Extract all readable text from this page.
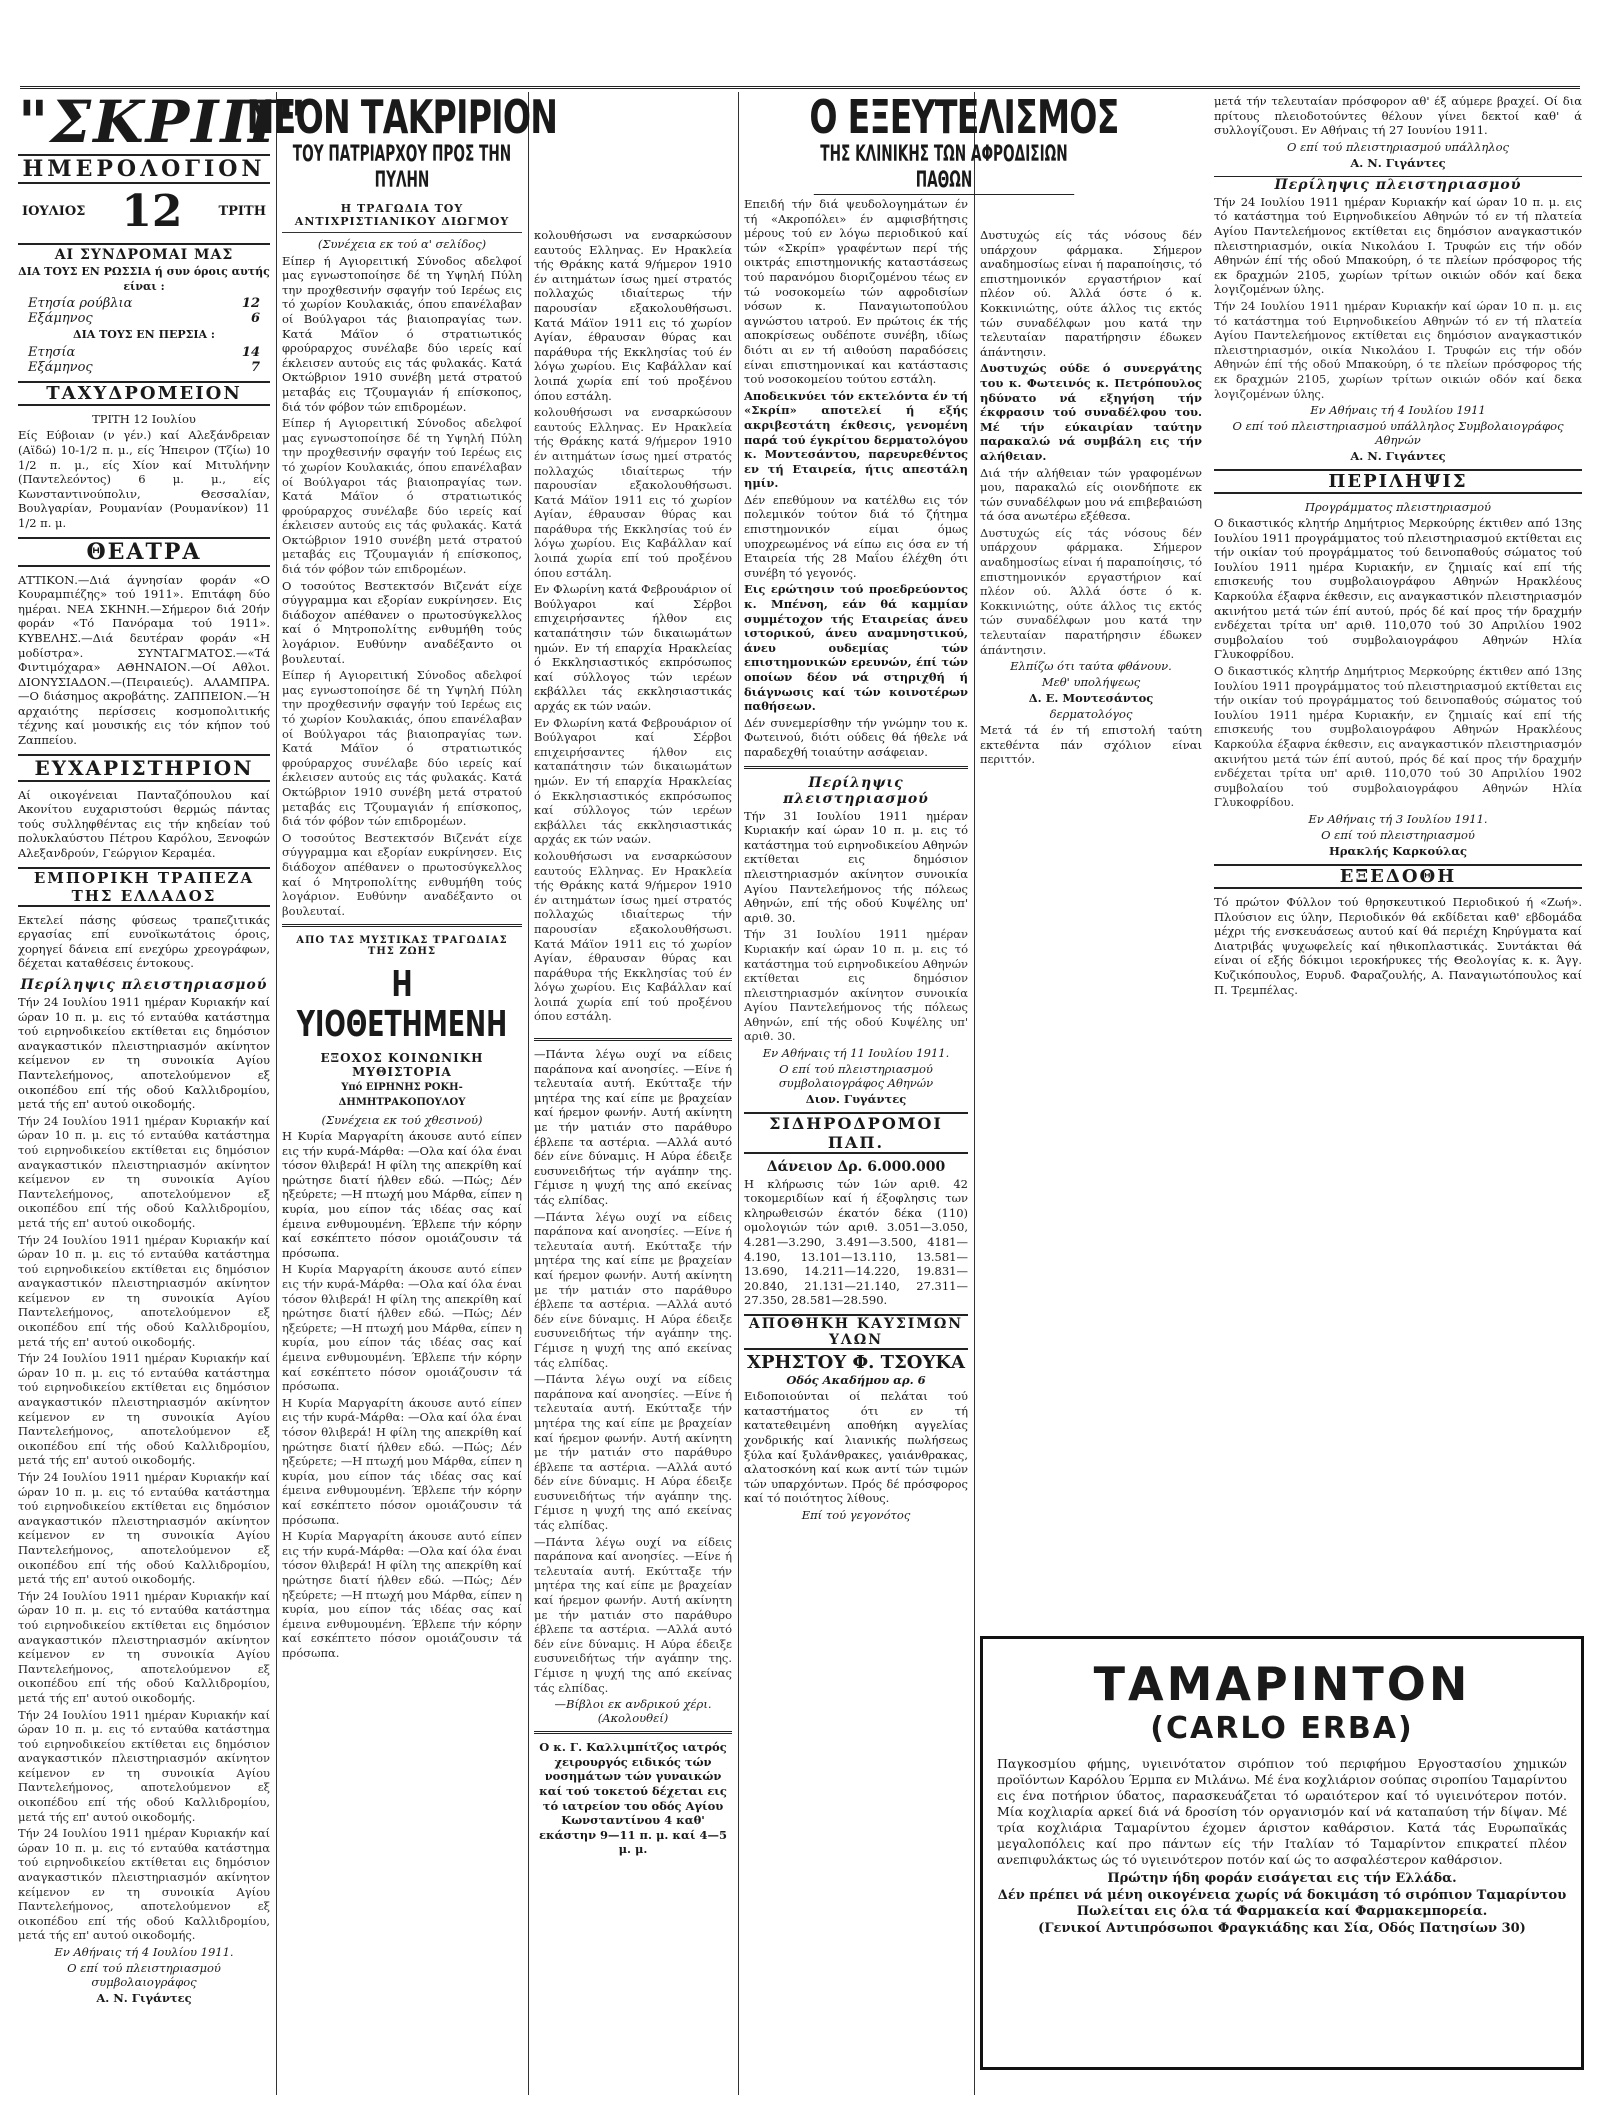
"ΣΚΡΙΠ"
ΗΜΕΡΟΛΟΓΙΟΝ
ΙΟΥΛΙΟΣ 12	ΤΡΙΤΗ
ΑΙ ΣΥΝΔΡΟΜΑΙ ΜΑΣ
ΔΙΑ ΤΟΥΣ ΕΝ ΡΩΣΣΙΑ ή συν όροις αυτής είναι :
Ετησία ρούβλια	12
Εξάμηνος	6
ΔΙΑ ΤΟΥΣ ΕΝ ΠΕΡΣΙΑ :
Ετησία	14
Εξάμηνος	7
ΤΑΧΥΔΡΟΜΕΙΟΝ
ΤΡΙΤΗ 12 Ιουλίου
Είς Εύβοιαν (ν γέν.) καί Αλεξάνδρειαν (Αϊδώ) 10-1/2 π. μ., είς Ήπειρον (Τζίω) 10 1/2 π. μ., είς Χίον καί Μιτυλήνην (Παντελεόντος) 6 μ. μ., είς Κωνσταντινούπολιν, Θεσσαλίαν, Βουλγαρίαν, Ρουμανίαν (Ρουμανίκον) 11 1/2 π. μ.
ΘΕΑΤΡΑ
ΑΤΤΙΚΟΝ.—Διά άγνησίαν φοράν «Ο Κουραμπιέζης» τού 1911». Επιτάφη δύο ημέραι. ΝΕΑ ΣΚΗΝΗ.—Σήμερον διά 20ήν φοράν «Τό Πανόραμα τού 1911». ΚΥΒΕΛΗΣ.—Διά δευτέραν φοράν «Η μοδίστρα». ΣΥΝΤΑΓΜΑΤΟΣ.—«Τά Φιντιμόχαρα» ΑΘΗΝΑΙΟΝ.—Οί Αθλοι. ΔΙΟΝΥΣΙΑΔΟΝ.—(Πειραιεύς). ΑΛΑΜΠΡΑ.—Ο διάσημος ακροβάτης. ΖΑΠΠΕΙΟΝ.—Ή αρχαιότης περίσσεις κοσμοπολιτικής τέχνης καί μουσικής εις τόν κήπον τού Ζαππείου.
ΕΥΧΑΡΙΣΤΗΡΙΟΝ
Αί οικογένειαι Πανταζόπουλου καί Ακονίτου ευχαριστούσι θερμώς πάντας τούς συλληφθέντας εις τήν κηδείαν τού πολυκλαύστου Πέτρου Καρόλου, Ξενοφών Αλεξανδρούν, Γεώργιον Κεραμέα.
ΕΜΠΟΡΙΚΗ ΤΡΑΠΕΖΑ ΤΗΣ ΕΛΛΑΔΟΣ
Εκτελεί πάσης φύσεως τραπεζιτικάς εργασίας επί ευνοϊκωτάτοις όροις, χορηγεί δάνεια επί ενεχύρω χρεογράφων, δέχεται καταθέσεις έντοκους.
Περίληψις πλειστηριασμού
Τήν 24 Ιουλίου 1911 ημέραν Κυριακήν καί ώραν 10 π. μ. εις τό ενταύθα κατάστημα τού ειρηνοδικείου εκτίθεται εις δημόσιον αναγκαστικόν πλειστηριασμόν ακίνητον κείμενον εν τη συνοικία Αγίου Παντελεήμονος, αποτελούμενον εξ οικοπέδου επί τής οδού Καλλιδρομίου, μετά τής επ' αυτού οικοδομής.
Τήν 24 Ιουλίου 1911 ημέραν Κυριακήν καί ώραν 10 π. μ. εις τό ενταύθα κατάστημα τού ειρηνοδικείου εκτίθεται εις δημόσιον αναγκαστικόν πλειστηριασμόν ακίνητον κείμενον εν τη συνοικία Αγίου Παντελεήμονος, αποτελούμενον εξ οικοπέδου επί τής οδού Καλλιδρομίου, μετά τής επ' αυτού οικοδομής.
Τήν 24 Ιουλίου 1911 ημέραν Κυριακήν καί ώραν 10 π. μ. εις τό ενταύθα κατάστημα τού ειρηνοδικείου εκτίθεται εις δημόσιον αναγκαστικόν πλειστηριασμόν ακίνητον κείμενον εν τη συνοικία Αγίου Παντελεήμονος, αποτελούμενον εξ οικοπέδου επί τής οδού Καλλιδρομίου, μετά τής επ' αυτού οικοδομής.
Τήν 24 Ιουλίου 1911 ημέραν Κυριακήν καί ώραν 10 π. μ. εις τό ενταύθα κατάστημα τού ειρηνοδικείου εκτίθεται εις δημόσιον αναγκαστικόν πλειστηριασμόν ακίνητον κείμενον εν τη συνοικία Αγίου Παντελεήμονος, αποτελούμενον εξ οικοπέδου επί τής οδού Καλλιδρομίου, μετά τής επ' αυτού οικοδομής.
Τήν 24 Ιουλίου 1911 ημέραν Κυριακήν καί ώραν 10 π. μ. εις τό ενταύθα κατάστημα τού ειρηνοδικείου εκτίθεται εις δημόσιον αναγκαστικόν πλειστηριασμόν ακίνητον κείμενον εν τη συνοικία Αγίου Παντελεήμονος, αποτελούμενον εξ οικοπέδου επί τής οδού Καλλιδρομίου, μετά τής επ' αυτού οικοδομής.
Τήν 24 Ιουλίου 1911 ημέραν Κυριακήν καί ώραν 10 π. μ. εις τό ενταύθα κατάστημα τού ειρηνοδικείου εκτίθεται εις δημόσιον αναγκαστικόν πλειστηριασμόν ακίνητον κείμενον εν τη συνοικία Αγίου Παντελεήμονος, αποτελούμενον εξ οικοπέδου επί τής οδού Καλλιδρομίου, μετά τής επ' αυτού οικοδομής.
Τήν 24 Ιουλίου 1911 ημέραν Κυριακήν καί ώραν 10 π. μ. εις τό ενταύθα κατάστημα τού ειρηνοδικείου εκτίθεται εις δημόσιον αναγκαστικόν πλειστηριασμόν ακίνητον κείμενον εν τη συνοικία Αγίου Παντελεήμονος, αποτελούμενον εξ οικοπέδου επί τής οδού Καλλιδρομίου, μετά τής επ' αυτού οικοδομής.
Τήν 24 Ιουλίου 1911 ημέραν Κυριακήν καί ώραν 10 π. μ. εις τό ενταύθα κατάστημα τού ειρηνοδικείου εκτίθεται εις δημόσιον αναγκαστικόν πλειστηριασμόν ακίνητον κείμενον εν τη συνοικία Αγίου Παντελεήμονος, αποτελούμενον εξ οικοπέδου επί τής οδού Καλλιδρομίου, μετά τής επ' αυτού οικοδομής.
Εν Αθήναις τή 4 Ιουλίου 1911.
Ο επί τού πλειστηριασμού συμβολαιογράφος
Α. Ν. Γιγάντες
ΝΕΟΝ ΤΑΚΡΙΡΙΟΝ
ΤΟΥ ΠΑΤΡΙΑΡΧΟΥ ΠΡΟΣ ΤΗΝ ΠΥΛΗΝ
Η ΤΡΑΓΩΔΙΑ ΤΟΥ ΑΝΤΙΧΡΙΣΤΙΑΝΙΚΟΥ ΔΙΩΓΜΟΥ
(Συνέχεια εκ τού α' σελίδος)
Είπερ ή Αγιορειτική Σύνοδος αδελφοί μας εγνωστοποίησε δέ τη Υψηλή Πύλη την προχθεσινήν σφαγήν τού Ιερέως εις τό χωρίον Κουλακιάς, όπου επανέλαβαν οί Βούλγαροι τάς βιαιοπραγίας των. Κατά Μάϊον ό στρατιωτικός φρούραρχος συνέλαβε δύο ιερείς καί έκλεισεν αυτούς εις τάς φυλακάς. Κατά Οκτώβριον 1910 συνέβη μετά στρατού μεταβάς εις Τζουμαγιάν ή επίσκοπος, διά τόν φόβον τών επιδρομέων.
Είπερ ή Αγιορειτική Σύνοδος αδελφοί μας εγνωστοποίησε δέ τη Υψηλή Πύλη την προχθεσινήν σφαγήν τού Ιερέως εις τό χωρίον Κουλακιάς, όπου επανέλαβαν οί Βούλγαροι τάς βιαιοπραγίας των. Κατά Μάϊον ό στρατιωτικός φρούραρχος συνέλαβε δύο ιερείς καί έκλεισεν αυτούς εις τάς φυλακάς. Κατά Οκτώβριον 1910 συνέβη μετά στρατού μεταβάς εις Τζουμαγιάν ή επίσκοπος, διά τόν φόβον τών επιδρομέων.
Ο τοσούτος Βεστεκτσόν Βιζενάτ είχε σύγγραμμα και εξορίαν ευκρίνησεν. Εις διάδοχον απέθανεν ο πρωτοσύγκελλος καί ό Μητροπολίτης ενθυμήθη τούς λογάριον. Ευθύνην αναδέξαντο οι βουλευταί.
Είπερ ή Αγιορειτική Σύνοδος αδελφοί μας εγνωστοποίησε δέ τη Υψηλή Πύλη την προχθεσινήν σφαγήν τού Ιερέως εις τό χωρίον Κουλακιάς, όπου επανέλαβαν οί Βούλγαροι τάς βιαιοπραγίας των. Κατά Μάϊον ό στρατιωτικός φρούραρχος συνέλαβε δύο ιερείς καί έκλεισεν αυτούς εις τάς φυλακάς. Κατά Οκτώβριον 1910 συνέβη μετά στρατού μεταβάς εις Τζουμαγιάν ή επίσκοπος, διά τόν φόβον τών επιδρομέων.
Ο τοσούτος Βεστεκτσόν Βιζενάτ είχε σύγγραμμα και εξορίαν ευκρίνησεν. Εις διάδοχον απέθανεν ο πρωτοσύγκελλος καί ό Μητροπολίτης ενθυμήθη τούς λογάριον. Ευθύνην αναδέξαντο οι βουλευταί.
ΑΠΟ ΤΑΣ ΜΥΣΤΙΚΑΣ ΤΡΑΓΩΔΙΑΣ ΤΗΣ ΖΩΗΣ
Η ΥΙΟΘΕΤΗΜΕΝΗ
ΕΞΟΧΟΣ ΚΟΙΝΩΝΙΚΗ ΜΥΘΙΣΤΟΡΙΑ
Υπό ΕΙΡΗΝΗΣ ΡΟΚΗ-ΔΗΜΗΤΡΑΚΟΠΟΥΛΟΥ
(Συνέχεια εκ τού χθεσινού)
Η Κυρία Μαργαρίτη άκουσε αυτό είπεν εις τήν κυρά-Μάρθα: —Ολα καί όλα έναι τόσον θλιβερά! Η φίλη της απεκρίθη καί ηρώτησε διατί ήλθεν εδώ. —Πώς; Δέν ηξεύρετε; —Η πτωχή μου Μάρθα, είπεν η κυρία, μου είπον τάς ιδέας σας καί έμεινα ενθυμουμένη. Έβλεπε τήν κόρην καί εσκέπτετο πόσον ομοιάζουσιν τά πρόσωπα.
Η Κυρία Μαργαρίτη άκουσε αυτό είπεν εις τήν κυρά-Μάρθα: —Ολα καί όλα έναι τόσον θλιβερά! Η φίλη της απεκρίθη καί ηρώτησε διατί ήλθεν εδώ. —Πώς; Δέν ηξεύρετε; —Η πτωχή μου Μάρθα, είπεν η κυρία, μου είπον τάς ιδέας σας καί έμεινα ενθυμουμένη. Έβλεπε τήν κόρην καί εσκέπτετο πόσον ομοιάζουσιν τά πρόσωπα.
Η Κυρία Μαργαρίτη άκουσε αυτό είπεν εις τήν κυρά-Μάρθα: —Ολα καί όλα έναι τόσον θλιβερά! Η φίλη της απεκρίθη καί ηρώτησε διατί ήλθεν εδώ. —Πώς; Δέν ηξεύρετε; —Η πτωχή μου Μάρθα, είπεν η κυρία, μου είπον τάς ιδέας σας καί έμεινα ενθυμουμένη. Έβλεπε τήν κόρην καί εσκέπτετο πόσον ομοιάζουσιν τά πρόσωπα.
Η Κυρία Μαργαρίτη άκουσε αυτό είπεν εις τήν κυρά-Μάρθα: —Ολα καί όλα έναι τόσον θλιβερά! Η φίλη της απεκρίθη καί ηρώτησε διατί ήλθεν εδώ. —Πώς; Δέν ηξεύρετε; —Η πτωχή μου Μάρθα, είπεν η κυρία, μου είπον τάς ιδέας σας καί έμεινα ενθυμουμένη. Έβλεπε τήν κόρην καί εσκέπτετο πόσον ομοιάζουσιν τά πρόσωπα.
κολουθήσωσι να ενσαρκώσουν εαυτούς Ελληνας. Εν Ηρακλεία τής Θράκης κατά 9/ήμερον 1910 έν αιτημάτων ίσως ημεί στρατός πολλαχώς ιδιαίτερως τήν παρουσίαν εξακολουθήσωσι. Κατά Μάϊον 1911 εις τό χωρίον Αγίαν, έθραυσαν θύρας και παράθυρα τής Εκκλησίας τού έν λόγω χωρίου. Εις Καβάλλαν καί λοιπά χωρία επί τού προξένου όπου εστάλη.
κολουθήσωσι να ενσαρκώσουν εαυτούς Ελληνας. Εν Ηρακλεία τής Θράκης κατά 9/ήμερον 1910 έν αιτημάτων ίσως ημεί στρατός πολλαχώς ιδιαίτερως τήν παρουσίαν εξακολουθήσωσι. Κατά Μάϊον 1911 εις τό χωρίον Αγίαν, έθραυσαν θύρας και παράθυρα τής Εκκλησίας τού έν λόγω χωρίου. Εις Καβάλλαν καί λοιπά χωρία επί τού προξένου όπου εστάλη.
Εν Φλωρίνη κατά Φεβρουάριον οί Βούλγαροι καί Σέρβοι επιχειρήσαντες ήλθον εις καταπάτησιν τών δικαιωμάτων ημών. Εν τή επαρχία Ηρακλείας ό Εκκλησιαστικός εκπρόσωπος καί σύλλογος τών ιερέων εκβάλλει τάς εκκλησιαστικάς αρχάς εκ τών ναών.
Εν Φλωρίνη κατά Φεβρουάριον οί Βούλγαροι καί Σέρβοι επιχειρήσαντες ήλθον εις καταπάτησιν τών δικαιωμάτων ημών. Εν τή επαρχία Ηρακλείας ό Εκκλησιαστικός εκπρόσωπος καί σύλλογος τών ιερέων εκβάλλει τάς εκκλησιαστικάς αρχάς εκ τών ναών.
κολουθήσωσι να ενσαρκώσουν εαυτούς Ελληνας. Εν Ηρακλεία τής Θράκης κατά 9/ήμερον 1910 έν αιτημάτων ίσως ημεί στρατός πολλαχώς ιδιαίτερως τήν παρουσίαν εξακολουθήσωσι. Κατά Μάϊον 1911 εις τό χωρίον Αγίαν, έθραυσαν θύρας και παράθυρα τής Εκκλησίας τού έν λόγω χωρίου. Εις Καβάλλαν καί λοιπά χωρία επί τού προξένου όπου εστάλη.
—Πάντα λέγω ουχί να είδεις παράπονα καί ανοησίες. —Είνε ή τελευταία αυτή. Εκύτταξε τήν μητέρα της καί είπε με βραχείαν καί ήρεμον φωνήν. Αυτή ακίνητη με τήν ματιάν στο παράθυρο έβλεπε τα αστέρια. —Αλλά αυτό δέν είνε δύναμις. Η Αύρα έδειξε ευσυνειδήτως τήν αγάπην της. Γέμισε η ψυχή της από εκείνας τάς ελπίδας.
—Πάντα λέγω ουχί να είδεις παράπονα καί ανοησίες. —Είνε ή τελευταία αυτή. Εκύτταξε τήν μητέρα της καί είπε με βραχείαν καί ήρεμον φωνήν. Αυτή ακίνητη με τήν ματιάν στο παράθυρο έβλεπε τα αστέρια. —Αλλά αυτό δέν είνε δύναμις. Η Αύρα έδειξε ευσυνειδήτως τήν αγάπην της. Γέμισε η ψυχή της από εκείνας τάς ελπίδας.
—Πάντα λέγω ουχί να είδεις παράπονα καί ανοησίες. —Είνε ή τελευταία αυτή. Εκύτταξε τήν μητέρα της καί είπε με βραχείαν καί ήρεμον φωνήν. Αυτή ακίνητη με τήν ματιάν στο παράθυρο έβλεπε τα αστέρια. —Αλλά αυτό δέν είνε δύναμις. Η Αύρα έδειξε ευσυνειδήτως τήν αγάπην της. Γέμισε η ψυχή της από εκείνας τάς ελπίδας.
—Πάντα λέγω ουχί να είδεις παράπονα καί ανοησίες. —Είνε ή τελευταία αυτή. Εκύτταξε τήν μητέρα της καί είπε με βραχείαν καί ήρεμον φωνήν. Αυτή ακίνητη με τήν ματιάν στο παράθυρο έβλεπε τα αστέρια. —Αλλά αυτό δέν είνε δύναμις. Η Αύρα έδειξε ευσυνειδήτως τήν αγάπην της. Γέμισε η ψυχή της από εκείνας τάς ελπίδας.
—Βίβλοι εκ ανδρικού χέρι. (Ακολουθεί)
Ο κ. Γ. Καλλιμπίτζος ιατρός χειρουργός ειδικός τών νοσημάτων τών γυναικών καί τού τοκετού δέχεται εις τό ιατρείον του οδός Αγίου Κωνσταντίνου 4 καθ' εκάστην 9—11 π. μ. καί 4—5 μ. μ.
Ο ΕΞΕΥΤΕΛΙΣΜΟΣ
ΤΗΣ ΚΛΙΝΙΚΗΣ ΤΩΝ ΑΦΡΟΔΙΣΙΩΝ ΠΑΘΩΝ
Επειδή τήν διά ψευδολογημάτων έν τή «Ακροπόλει» έν αμφισβήτησις μέρους τού εν λόγω περιοδικού καί τών «Σκρίπ» γραφέντων περί τής οικτράς επιστημονικής καταστάσεως τού παρανόμου διοριζομένου τέως εν τώ νοσοκομείω τών αφροδισίων νόσων κ. Παναγιωτοπούλου αγνώστου ιατρού. Εν πρώτοις έκ τής αποκρίσεως ουδέποτε συνέβη, ιδίως διότι αι εν τή αιθούση παραδόσεις είναι επιστημονικαί και κατάστασις τού νοσοκομείου τούτου εστάλη.
Αποδεικνύει τόν εκτελόντα έν τή «Σκρίπ» αποτελεί ή εξής ακριβεστάτη έκθεσις, γενομένη παρά τού έγκρίτου δερματολόγου κ. Μοντεσάντου, παρευρεθέντος εν τή Εταιρεία, ήτις απεστάλη ημίν.
Δέν επεθύμουν να κατέλθω εις τόν πολεμικόν τούτον διά τό ζήτημα επιστημονικόν είμαι όμως υποχρεωμένος νά είπω εις όσα εν τή Εταιρεία τής 28 Μαΐου έλέχθη ότι συνέβη τό γεγονός.
Εις ερώτησιν τού προεδρεύοντος κ. Μπένση, εάν θά καμμίαν συμμέτοχον τής Εταιρείας άνευ ιστορικού, άνευ αναμνηστικού, άνευ ουδεμίας τών επιστημονικών ερευνών, έπί τών οποίων δέον νά στηριχθή ή διάγνωσις καί τών κοινοτέρων παθήσεων.
Δέν συνεμερίσθην τήν γνώμην του κ. Φωτεινού, διότι ούδεις θά ήθελε νά παραδεχθή τοιαύτην ασάφειαν.
Περίληψις πλειστηριασμού
Τήν 31 Ιουλίου 1911 ημέραν Κυριακήν καί ώραν 10 π. μ. εις τό κατάστημα τού ειρηνοδικείου Αθηνών εκτίθεται εις δημόσιον πλειστηριασμόν ακίνητον συνοικία Αγίου Παντελεήμονος τής πόλεως Αθηνών, επί τής οδού Κυψέλης υπ' αριθ. 30.
Τήν 31 Ιουλίου 1911 ημέραν Κυριακήν καί ώραν 10 π. μ. εις τό κατάστημα τού ειρηνοδικείου Αθηνών εκτίθεται εις δημόσιον πλειστηριασμόν ακίνητον συνοικία Αγίου Παντελεήμονος τής πόλεως Αθηνών, επί τής οδού Κυψέλης υπ' αριθ. 30.
Εν Αθήναις τή 11 Ιουλίου 1911.
Ο επί τού πλειστηριασμού συμβολαιογράφος Αθηνών
Διον. Γυγάντες
ΣΙΔΗΡΟΔΡΟΜΟΙ ΠΑΠ.
Δάνειον Δρ. 6.000.000
Η κλήρωσις τών 1ών αριθ. 42 τοκομεριδίων καί ή έξοφλησις των κληρωθεισών έκατόν δέκα (110) ομολογιών τών αριθ. 3.051—3.050, 4.281—3.290, 3.491—3.500, 4181—4.190, 13.101—13.110, 13.581—13.690, 14.211—14.220, 19.831—20.840, 21.131—21.140, 27.311—27.350, 28.581—28.590.
ΑΠΟΘΗΚΗ ΚΑΥΣΙΜΩΝ ΥΛΩΝ
ΧΡΗΣΤΟΥ Φ. ΤΣΟΥΚΑ
Οδός Ακαδήμου αρ. 6
Ειδοποιούνται οί πελάται τού καταστήματος ότι εν τή κατατεθειμένη αποθήκη αγγελίας χονδρικής καί λιανικής πωλήσεως ξύλα καί ξυλάνθρακες, γαιάνθρακας, αλατοσκόνη καί κωκ αντί τών τιμών τών υπαρχόντων. Πρός δέ πρόσφορος καί τό ποιότητος λίθους.
Επί τού γεγονότος
Δυστυχώς είς τάς νόσους δέν υπάρχουν φάρμακα. Σήμερον αναδημοσίως είναι ή παραποίησις, τό επιστημονικόν εργαστήριον καί πλέον ού. Άλλά όστε ό κ. Κοκκινιώτης, ούτε άλλος τις εκτός τών συναδέλφων μου κατά την τελευταίαν παρατήρησιν έδωκεν άπάντησιν.
Δυστυχώς ούδε ό συνεργάτης του κ. Φωτεινός κ. Πετρόπουλος ηδύνατο νά εξηγήση τήν έκφρασιν τού συναδέλφου του. Μέ τήν εύκαιρίαν ταύτην παρακαλώ νά συμβάλη εις τήν αλήθειαν.
Διά τήν αλήθειαν τών γραφομένων μου, παρακαλώ είς οιονδήποτε εκ τών συναδέλφων μου νά επιβεβαιώση τά όσα ανωτέρω εξέθεσα.
Δυστυχώς είς τάς νόσους δέν υπάρχουν φάρμακα. Σήμερον αναδημοσίως είναι ή παραποίησις, τό επιστημονικόν εργαστήριον καί πλέον ού. Άλλά όστε ό κ. Κοκκινιώτης, ούτε άλλος τις εκτός τών συναδέλφων μου κατά την τελευταίαν παρατήρησιν έδωκεν άπάντησιν.
Ελπίζω ότι ταύτα φθάνουν.
Μεθ' υπολήψεως
Δ. Ε. Μοντεσάντος
δερματολόγος
Μετά τά έν τή επιστολή ταύτη εκτεθέντα πάν σχόλιον είναι περιττόν.
μετά τήν τελευταίαν πρόσφορον αθ' έξ αύμερε βραχεί. Οί δια πρίτους πλειοδοτούντες θέλουν γίνει δεκτοί καθ' ά συλλογίζουσι. Εν Αθήναις τή 27 Ιουνίου 1911.
Ο επί τού πλειστηριασμού υπάλληλος
Α. Ν. Γιγάντες
Περίληψις πλειστηριασμού
Τήν 24 Ιουλίου 1911 ημέραν Κυριακήν καί ώραν 10 π. μ. εις τό κατάστημα τού Ειρηνοδικείου Αθηνών τό εν τή πλατεία Αγίου Παντελεήμονος εκτίθεται εις δημόσιον αναγκαστικόν πλειστηριασμόν, οικία Νικολάου Ι. Τρυφών εις τήν οδόν Αθηνών έπί τής οδού Μπακούρη, ό τε πλείων πρόσφορος τής εκ δραχμών 2105, χωρίων τρίτων οικιών οδόν καί δεκα λογιζομένων ύλης.
Τήν 24 Ιουλίου 1911 ημέραν Κυριακήν καί ώραν 10 π. μ. εις τό κατάστημα τού Ειρηνοδικείου Αθηνών τό εν τή πλατεία Αγίου Παντελεήμονος εκτίθεται εις δημόσιον αναγκαστικόν πλειστηριασμόν, οικία Νικολάου Ι. Τρυφών εις τήν οδόν Αθηνών έπί τής οδού Μπακούρη, ό τε πλείων πρόσφορος τής εκ δραχμών 2105, χωρίων τρίτων οικιών οδόν καί δεκα λογιζομένων ύλης.
Εν Αθήναις τή 4 Ιουλίου 1911
Ο επί τού πλειστηριασμού υπάλληλος Συμβολαιογράφος Αθηνών
Α. Ν. Γιγάντες
ΠΕΡΙΛΗΨΙΣ
Προγράμματος πλειστηριασμού
Ο δικαστικός κλητήρ Δημήτριος Μερκούρης έκτιθεν από 13ης Ιουλίου 1911 προγράμματος τού πλειστηριασμού εκτίθεται εις τήν οικίαν τού προγράμματος τού δεινοπαθούς σώματος τού Ιουλίου 1911 ημέρα Κυριακήν, εν ζημιαίς καί επί τής επισκευής του συμβολαιογράφου Αθηνών Ηρακλέους Καρκούλα έξαφνα έκθεσιν, εις αναγκαστικόν πλειστηριασμόν ακινήτου μετά τών έπί αυτού, πρός δέ καί προς τήν δραχμήν ενδέχεται τρίτα υπ' αριθ. 110,070 τού 30 Απριλίου 1902 συμβολαίου τού συμβολαιογράφου Αθηνών Ηλία Γλυκοφρίδου.
Ο δικαστικός κλητήρ Δημήτριος Μερκούρης έκτιθεν από 13ης Ιουλίου 1911 προγράμματος τού πλειστηριασμού εκτίθεται εις τήν οικίαν τού προγράμματος τού δεινοπαθούς σώματος τού Ιουλίου 1911 ημέρα Κυριακήν, εν ζημιαίς καί επί τής επισκευής του συμβολαιογράφου Αθηνών Ηρακλέους Καρκούλα έξαφνα έκθεσιν, εις αναγκαστικόν πλειστηριασμόν ακινήτου μετά τών έπί αυτού, πρός δέ καί προς τήν δραχμήν ενδέχεται τρίτα υπ' αριθ. 110,070 τού 30 Απριλίου 1902 συμβολαίου τού συμβολαιογράφου Αθηνών Ηλία Γλυκοφρίδου.
Εν Αθήναις τή 3 Ιουλίου 1911.
Ο επί τού πλειστηριασμού
Ηρακλής Καρκούλας
ΕΞΕΔΟΘΗ
Τό πρώτον Φύλλον τού θρησκευτικού Περιοδικού ή «Ζωή». Πλούσιον εις ύλην, Περιοδικόν θά εκδίδεται καθ' εβδομάδα μέχρι τής ενσκευάσεως αυτού καί θά περιέχη Κηρύγματα καί Διατριβάς ψυχωφελείς καί ηθικοπλαστικάς. Συντάκται θά είναι οί εξής δόκιμοι ιεροκήρυκες τής Θεολογίας κ. κ. Άγγ. Κυζικόπουλος, Ευρυδ. Φαραζουλής, Α. Παναγιωτόπουλος καί Π. Τρεμπέλας.
ΤΑΜΑΡΙΝΤΟΝ
(CARLO ERBA)
Παγκοσμίου φήμης, υγιεινότατον σιρόπιον τού περιφήμου Εργοστασίου χημικών προϊόντων Καρόλου Έρμπα εν Μιλάνω. Μέ ένα κοχλιάριον σούπας σιροπίου Ταμαρίντου εις ένα ποτήριον ύδατος, παρασκευάζεται τό ωραιότερον καί τό υγιεινότερον ποτόν. Μία κοχλιαρία αρκεί διά νά δροσίση τόν οργανισμόν καί νά καταπαύση τήν δίψαν. Μέ τρία κοχλιάρια Ταμαρίντου έχομεν άριστον καθάρσιον. Κατά τάς Ευρωπαϊκάς μεγαλοπόλεις καί προ πάντων είς τήν Ιταλίαν τό Ταμαρίντον επικρατεί πλέον ανεπιφυλάκτως ώς τό υγιεινότερον ποτόν καί ώς το ασφαλέστερον καθάρσιον.
Πρώτην ήδη φοράν εισάγεται εις τήν Ελλάδα.
Δέν πρέπει νά μένη οικογένεια χωρίς νά δοκιμάση τό σιρόπιον Ταμαρίντου
Πωλείται εις όλα τά Φαρμακεία καί Φαρμακεμπορεία.
(Γενικοί Αντιπρόσωποι Φραγκιάδης και Σία, Οδός Πατησίων 30)
